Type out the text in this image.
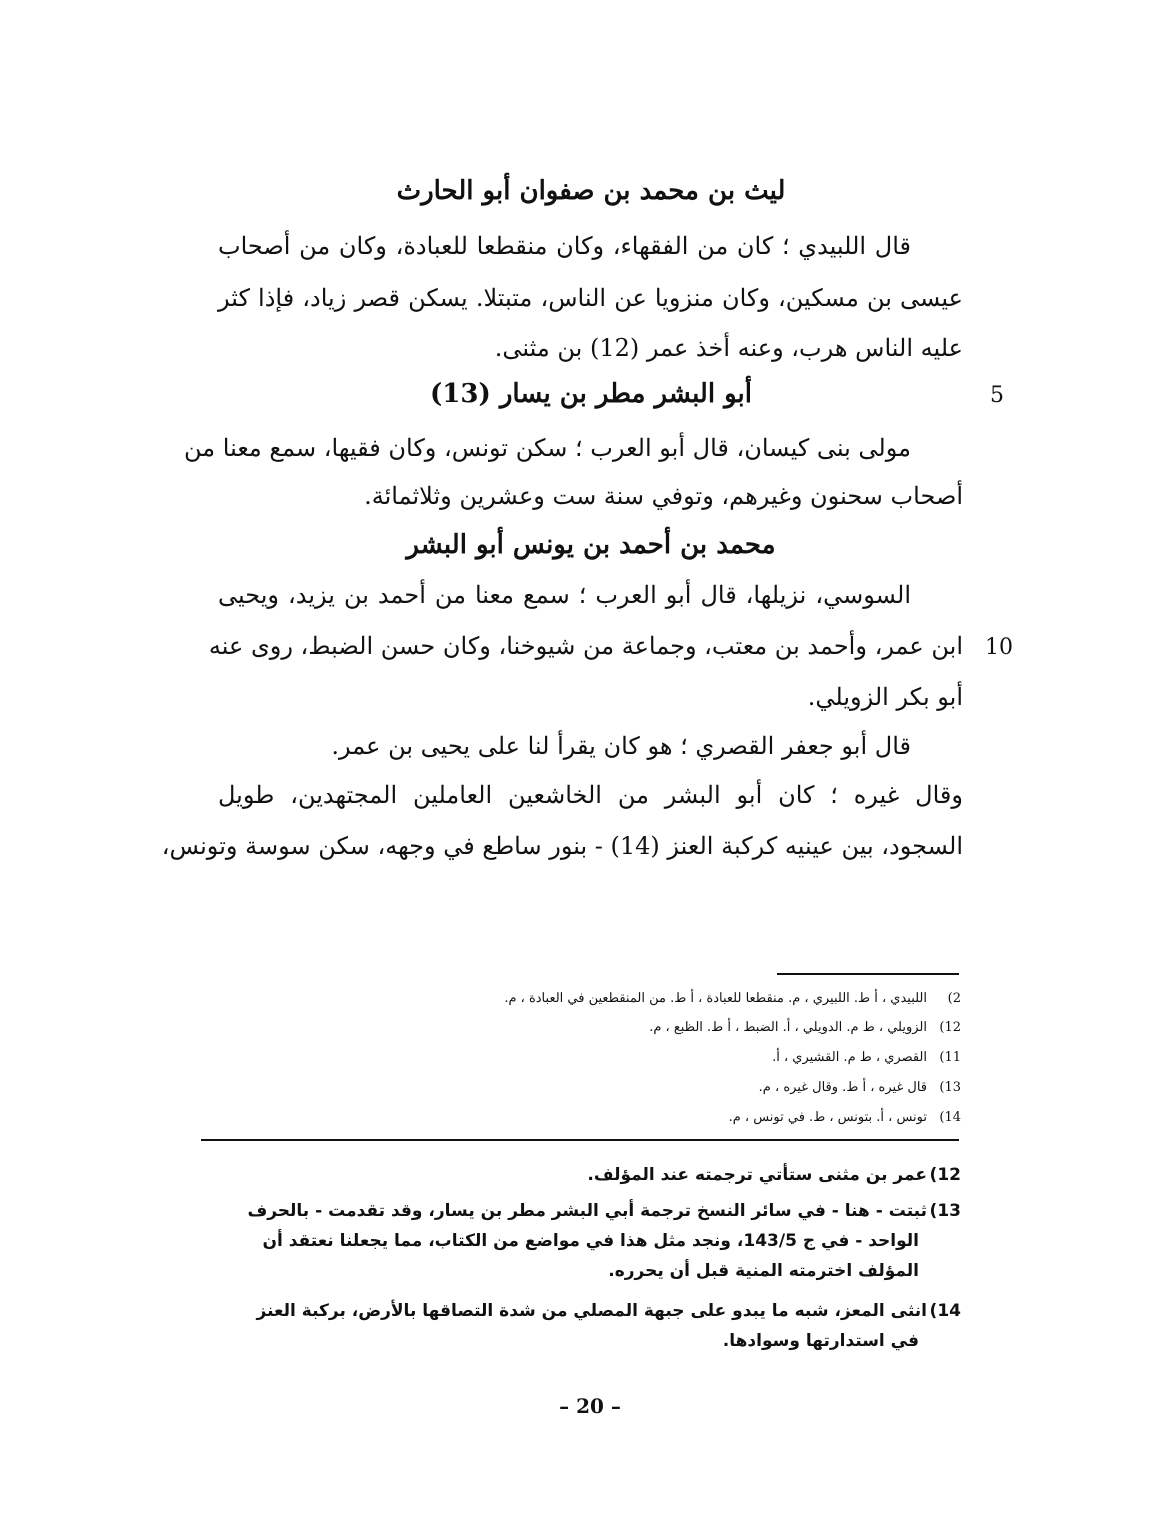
ليث بن محمد بن صفوان أبو الحارث
قال اللبيدي ؛ كان من الفقهاء، وكان منقطعا للعبادة، وكان من أصحاب
عيسى بن مسكين، وكان منزويا عن الناس، متبتلا. يسكن قصر زياد، فإذا كثر
عليه الناس هرب، وعنه أخذ عمر (12) بن مثنى.
5
أبو البشر مطر بن يسار (13)
مولى بنى كيسان، قال أبو العرب ؛ سكن تونس، وكان فقيها، سمع معنا من
أصحاب سحنون وغيرهم، وتوفي سنة ست وعشرين وثلاثمائة.
محمد بن أحمد بن يونس أبو البشر
السوسي، نزيلها، قال أبو العرب ؛ سمع معنا من أحمد بن يزيد، ويحيى
10
ابن عمر، وأحمد بن معتب، وجماعة من شيوخنا، وكان حسن الضبط، روى عنه
أبو بكر الزويلي.
قال أبو جعفر القصري ؛ هو كان يقرأ لنا على يحيى بن عمر.
وقال غيره ؛ كان أبو البشر من الخاشعين العاملين المجتهدين، طويل
السجود، بين عينيه كركبة العنز (14) - بنور ساطع في وجهه، سكن سوسة وتونس،
2)اللبيدي ، أ ط. اللبيري ، م. منقطعا للعبادة ، أ ط. من المنقطعين في العبادة ، م.
12)الزويلي ، ط م. الدويلي ، أ. الضبط ، أ ط. الظبع ، م.
11)القصري ، ط م. القشيري ، أ.
13)قال غيره ، أ ط. وقال غيره ، م.
14)تونس ، أ. بتونس ، ط. في تونس ، م.
12)عمر بن مثنى ستأتي ترجمته عند المؤلف.
13)ثبتت - هنا - في سائر النسخ ترجمة أبي البشر مطر بن يسار، وقد تقدمت - بالحرف
الواحد - في ج 143/5، ونجد مثل هذا في مواضع من الكتاب، مما يجعلنا نعتقد أن
المؤلف اخترمته المنية قبل أن يحرره.
14)انثى المعز، شبه ما يبدو على جبهة المصلي من شدة التصاقها بالأرض، بركبة العنز
في استدارتها وسوادها.
– 20 –
